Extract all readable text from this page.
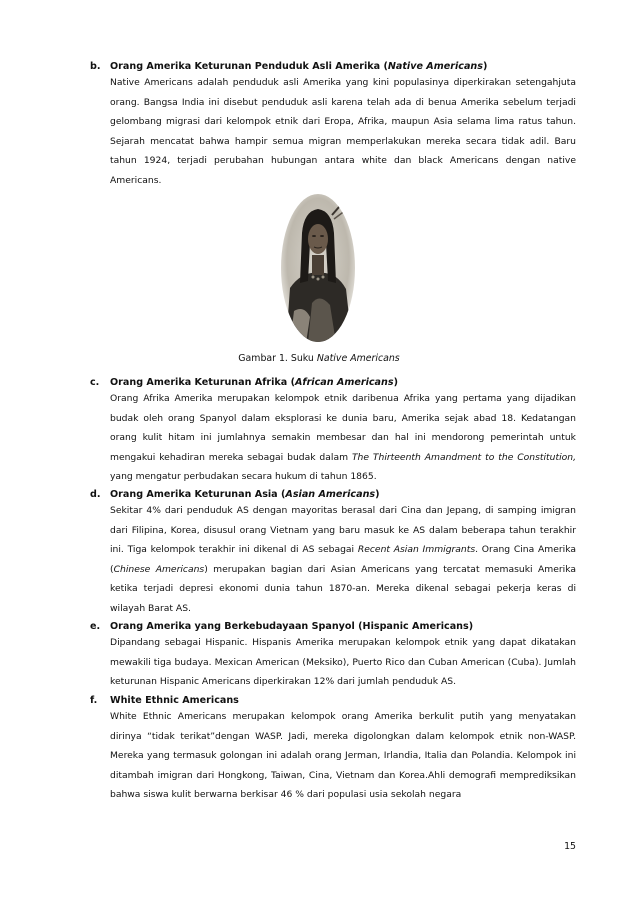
b. Orang Amerika Keturunan Penduduk Asli Amerika (Native Americans)

Native Americans adalah penduduk asli Amerika yang kini populasinya diperkirakan setengahjuta orang. Bangsa India ini disebut penduduk asli karena telah ada di benua Amerika sebelum terjadi gelombang migrasi dari kelompok etnik dari Eropa, Afrika, maupun Asia selama lima ratus tahun. Sejarah mencatat bahwa hampir semua migran memperlakukan mereka secara tidak adil. Baru tahun 1924, terjadi perubahan hubungan antara white dan black Americans dengan native Americans.

Gambar 1. Suku Native Americans
c. Orang Amerika Keturunan Afrika (African Americans)

Orang Afrika Amerika merupakan kelompok etnik daribenua Afrika yang pertama yang dijadikan budak oleh orang Spanyol dalam eksplorasi ke dunia baru, Amerika sejak abad 18. Kedatangan orang kulit hitam ini jumlahnya semakin membesar dan hal ini mendorong pemerintah untuk mengakui kehadiran mereka sebagai budak dalam The Thirteenth Amandment to the Constitution, yang mengatur perbudakan secara hukum di tahun 1865.

d. Orang Amerika Keturunan Asia (Asian Americans)

Sekitar 4% dari penduduk AS dengan mayoritas berasal dari Cina dan Jepang, di samping imigran dari Filipina, Korea, disusul orang Vietnam yang baru masuk ke AS dalam beberapa tahun terakhir ini. Tiga kelompok terakhir ini dikenal di AS sebagai Recent Asian Immigrants. Orang Cina Amerika (Chinese Americans) merupakan bagian dari Asian Americans yang tercatat memasuki Amerika ketika terjadi depresi ekonomi dunia tahun 1870-an. Mereka dikenal sebagai pekerja keras di wilayah Barat AS.

e. Orang Amerika yang Berkebudayaan Spanyol (Hispanic Americans)

Dipandang sebagai Hispanic. Hispanis Amerika merupakan kelompok etnik yang dapat dikatakan mewakili tiga budaya. Mexican American (Meksiko), Puerto Rico dan Cuban American (Cuba). Jumlah keturunan Hispanic Americans diperkirakan 12% dari jumlah penduduk AS.

f. White Ethnic Americans

White Ethnic Americans merupakan kelompok orang Amerika berkulit putih yang menyatakan dirinya “tidak terikat”dengan WASP. Jadi, mereka digolongkan dalam kelompok etnik non-WASP. Mereka yang termasuk golongan ini adalah orang Jerman, Irlandia, Italia dan Polandia. Kelompok ini ditambah imigran dari Hongkong, Taiwan, Cina, Vietnam dan Korea.Ahli demografi memprediksikan bahwa siswa kulit berwarna berkisar 46 % dari populasi usia sekolah negara

15
